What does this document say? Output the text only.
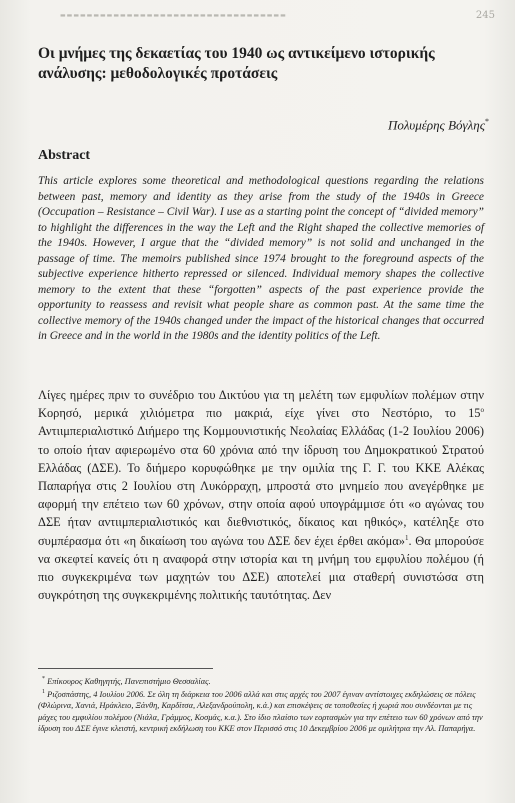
▬▬▬▬▬▬▬▬▬▬▬▬▬▬▬▬▬▬▬▬▬▬▬▬▬▬▬▬▬▬▬▬▬▬	245
Οι μνήμες της δεκαετίας του 1940 ως αντικείμενο ιστορικής ανάλυσης: μεθοδολογικές προτάσεις
Πολυμέρης Βόγλης*
Abstract

This article explores some theoretical and methodological questions regarding the relations between past, memory and identity as they arise from the study of the 1940s in Greece (Occupation – Resistance – Civil War). I use as a starting point the concept of “divided memory” to highlight the differences in the way the Left and the Right shaped the collective memories of the 1940s. However, I argue that the “divided memory” is not solid and unchanged in the passage of time. The memoirs published since 1974 brought to the foreground aspects of the subjective experience hitherto repressed or silenced. Individual memory shapes the collective memory to the extent that these “forgotten” aspects of the past experience provide the opportunity to reassess and revisit what people share as common past. At the same time the collective memory of the 1940s changed under the impact of the historical changes that occurred in Greece and in the world in the 1980s and the identity politics of the Left.

Λίγες ημέρες πριν το συνέδριο του Δικτύου για τη μελέτη των εμφυλίων πολέμων στην Κορησό, μερικά χιλιόμετρα πιο μακριά, είχε γίνει στο Νεστόριο, το $15^o$ Αντιιμπεριαλιστικό Διήμερο της Κομμουνιστικής Νεολαίας Ελλάδας (1-2 Ιουλίου 2006) το οποίο ήταν αφιερωμένο στα 60 χρόνια από την ίδρυση του Δημοκρατικού Στρατού Ελλάδας (ΔΣΕ). Το διήμερο κορυφώθηκε με την ομιλία της Γ. Γ. του ΚΚΕ Αλέκας Παπαρήγα στις 2 Ιουλίου στη Λυκόρραχη, μπροστά στο μνημείο που ανεγέρθηκε με αφορμή την επέτειο των 60 χρόνων, στην οποία αφού υπογράμμισε ότι «ο αγώνας του ΔΣΕ ήταν αντιιμπεριαλιστικός και διεθνιστικός, δίκαιος και ηθικός», κατέληξε στο συμπέρασμα ότι «η δικαίωση του αγώνα του ΔΣΕ δεν έχει έρθει ακόμα»$^1$. Θα μπορούσε να σκεφτεί κανείς ότι η αναφορά στην ιστορία και τη μνήμη του εμφυλίου πολέμου (ή πιο συγκεκριμένα των μαχητών του ΔΣΕ) αποτελεί μια σταθερή συνιστώσα στη συγκρότηση της συγκεκριμένης πολιτικής ταυτότητας. Δεν

* Επίκουρος Καθηγητής, Πανεπιστήμιο Θεσσαλίας.

$^1$ Ριζοσπάστης, 4 Ιουλίου 2006. Σε όλη τη διάρκεια του 2006 αλλά και στις αρχές του 2007 έγιναν αντίστοιχες εκδηλώσεις σε πόλεις (Φλώρινα, Χανιά, Ηράκλειο, Ξάνθη, Καρδίτσα, Αλεξανδρούπολη, κ.ά.) και επισκέψεις σε τοποθεσίες ή χωριά που συνδέονται με τις μάχες του εμφυλίου πολέμου (Νιάλα, Γράμμος, Κοσμάς, κ.α.). Στο ίδιο πλαίσιο των εορτασμών για την επέτειο των 60 χρόνων από την ίδρυση του ΔΣΕ έγινε κλειστή, κεντρική εκδήλωση του ΚΚΕ στον Περισσό στις 10 Δεκεμβρίου 2006 με ομιλήτρια την Αλ. Παπαρήγα.
